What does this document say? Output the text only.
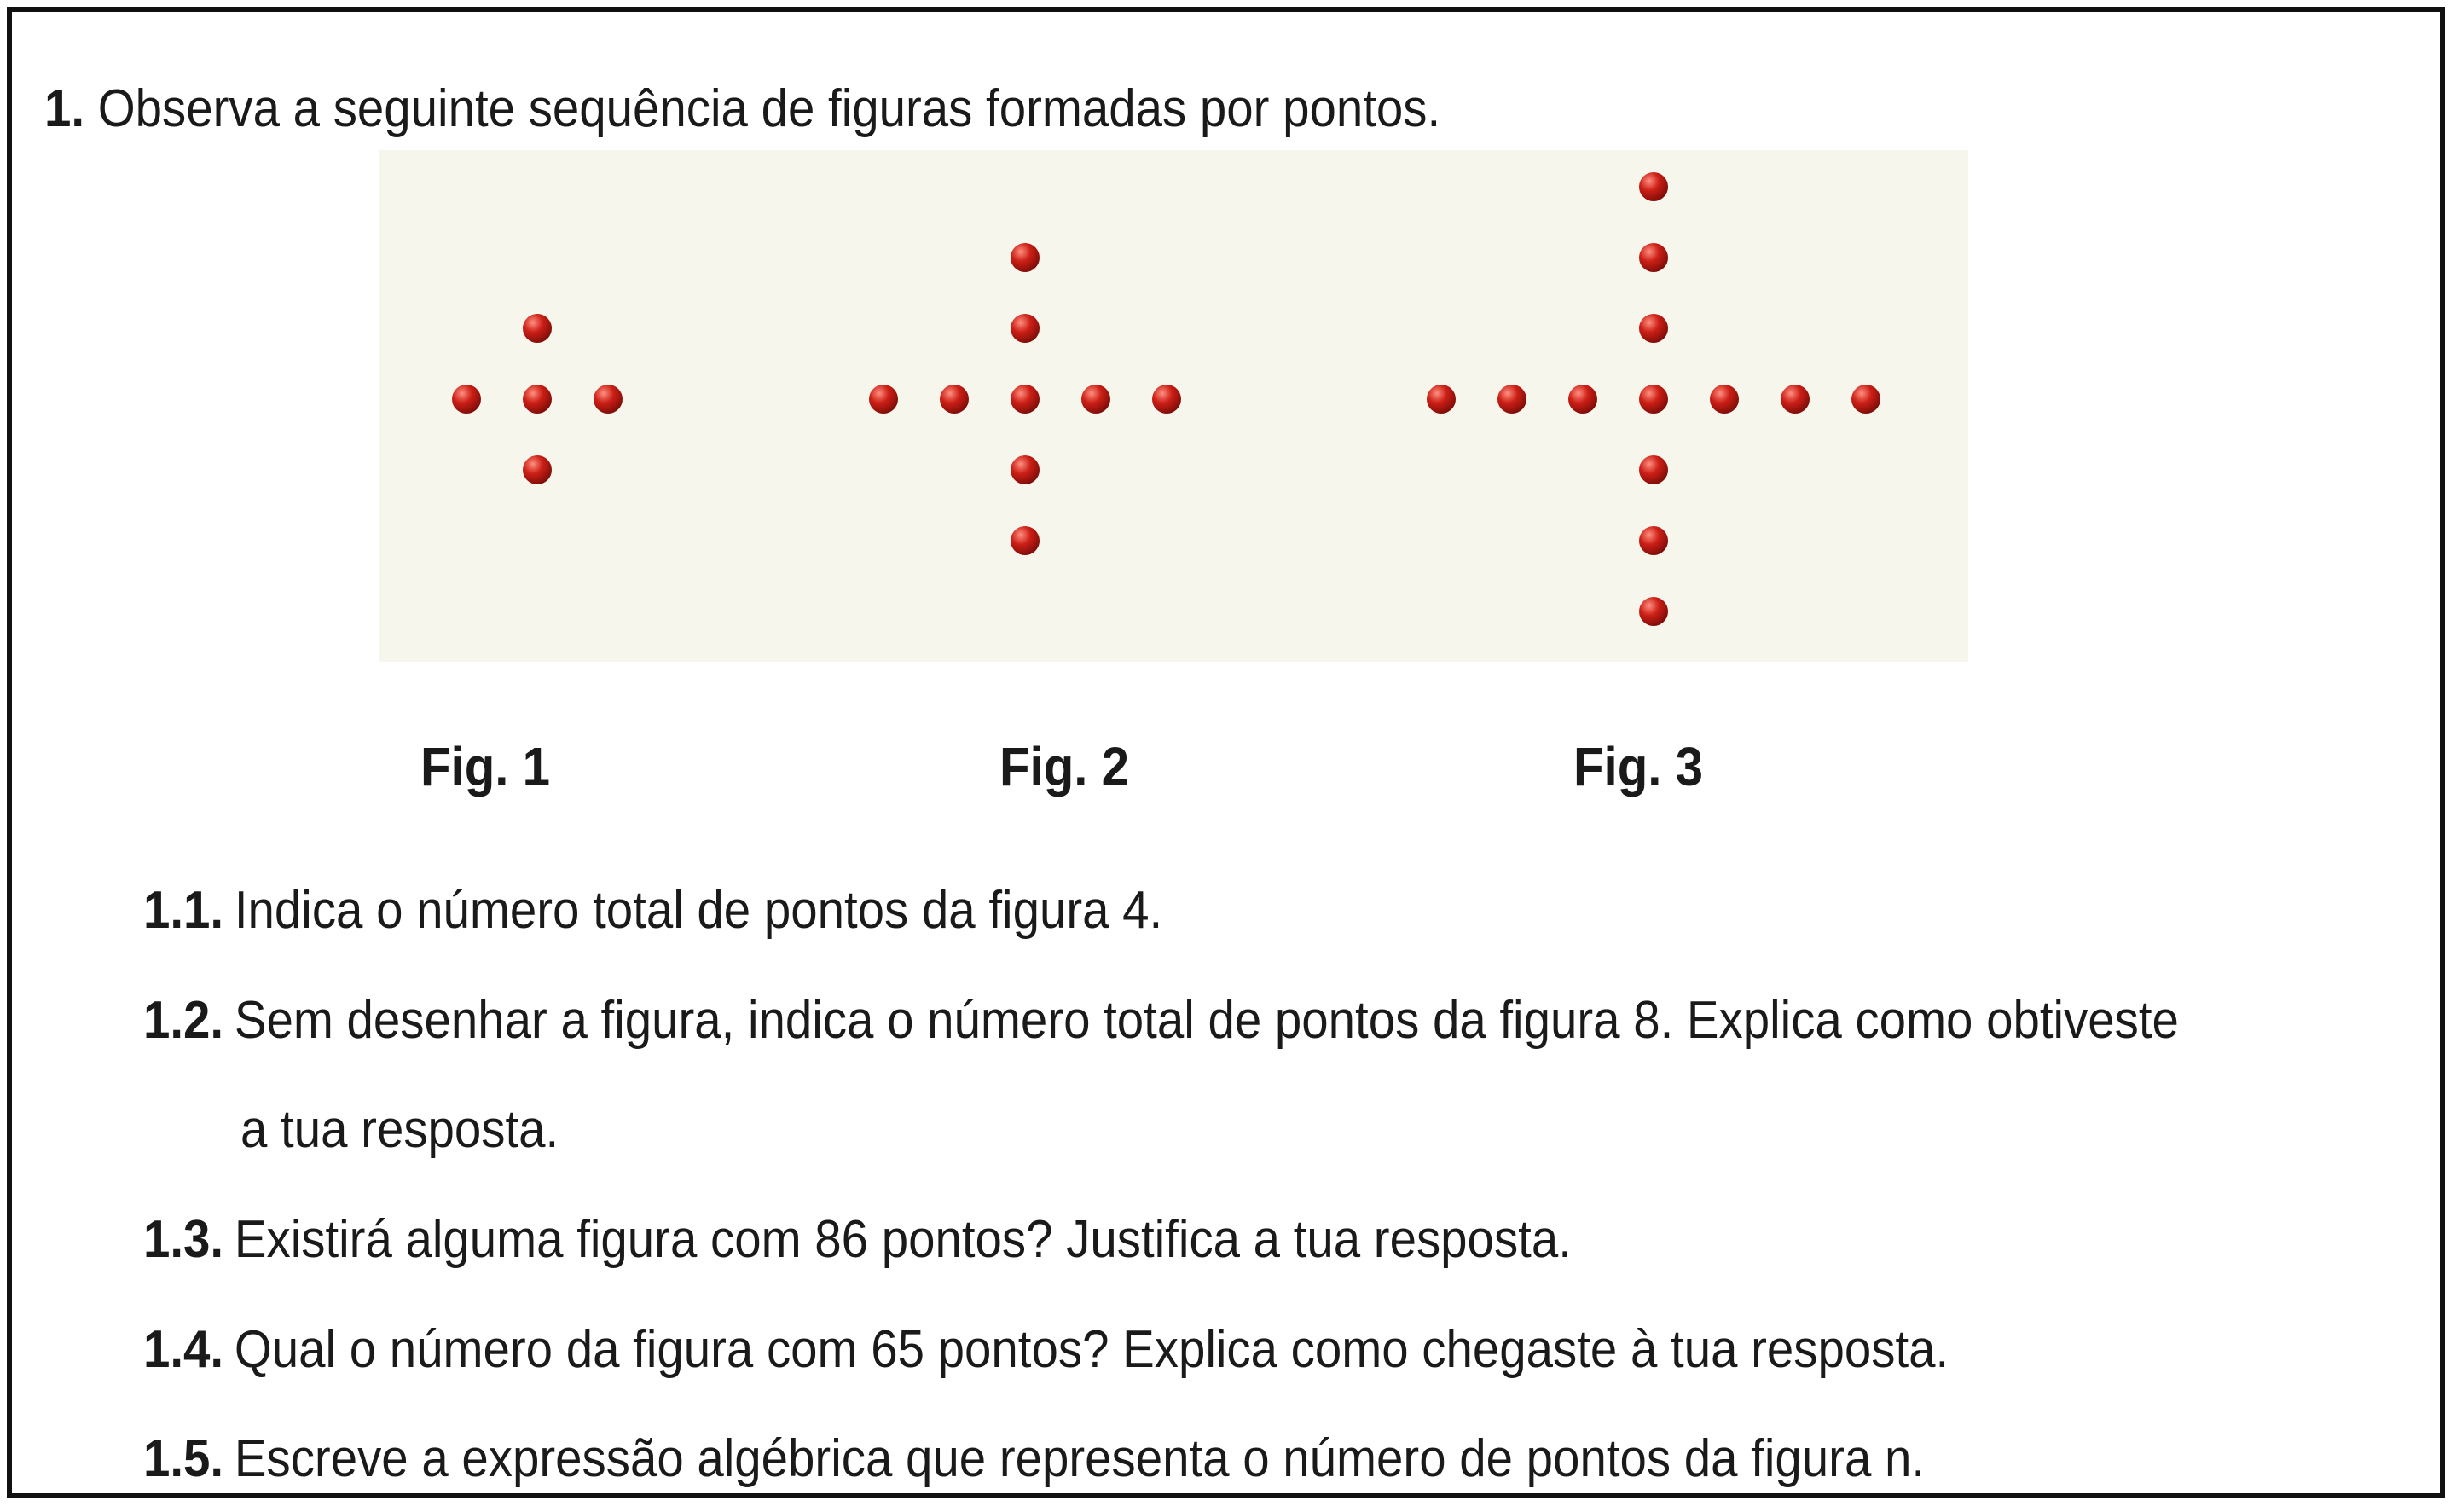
1. Observa a seguinte sequência de figuras formadas por pontos.
Fig. 1	Fig. 2	Fig. 3
1.1. Indica o número total de pontos da figura 4.
1.2. Sem desenhar a figura, indica o número total de pontos da figura 8. Explica como obtiveste
a tua resposta.
1.3. Existirá alguma figura com 86 pontos? Justifica a tua resposta.
1.4. Qual o número da figura com 65 pontos? Explica como chegaste à tua resposta.
1.5. Escreve a expressão algébrica que representa o número de pontos da figura n.
